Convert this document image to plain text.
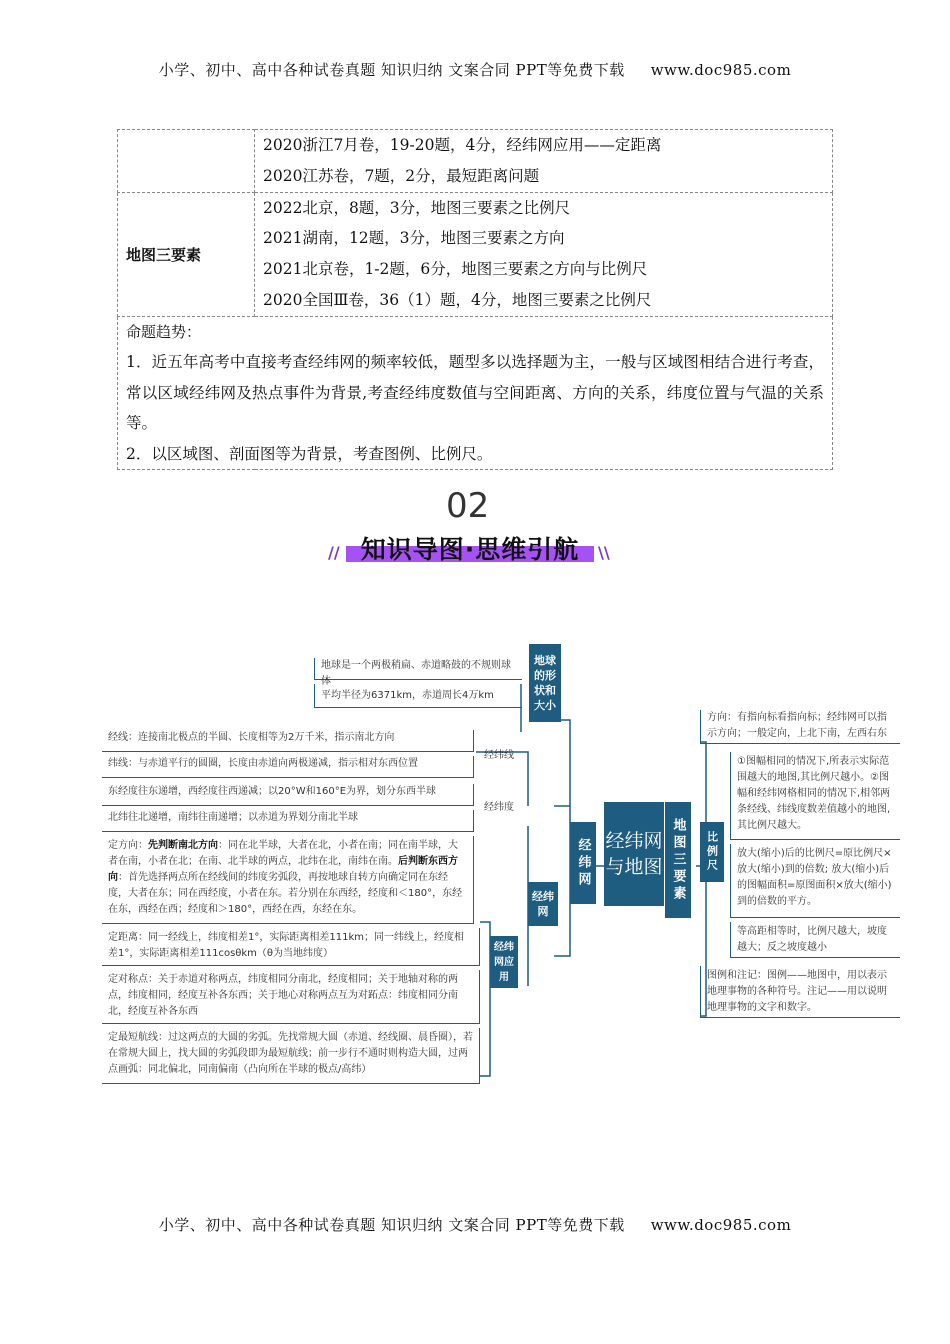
小学、初中、高中各种试卷真题 知识归纳 文案合同 PPT等免费下载 www.doc985.com

	2020浙江7月卷，19-20题，4分，经纬网应用——定距离
2020江苏卷，7题，2分，最短距离问题

地图三要素	2022北京，8题，3分，地图三要素之比例尺
2021湖南，12题，3分，地图三要素之方向
2021北京卷，1-2题，6分，地图三要素之方向与比例尺
2020全国Ⅲ卷，36（1）题，4分，地图三要素之比例尺

命题趋势：
1．近五年高考中直接考查经纬网的频率较低，题型多以选择题为主，一般与区域图相结合进行考查，常以区域经纬网及热点事件为背景,考查经纬度数值与空间距离、方向的关系，纬度位置与气温的关系等。
2．以区域图、剖面图等为背景，考查图例、比例尺。	
02
//	\\
知识导图·思维引航
经纬网与地图
经纬网	地图三要素
地球的形状和大小
地球是一个两极稍扁、赤道略鼓的不规则球体
平均半径为6371km，赤道周长4万km
经纬网
经纬线
经线：连接南北极点的半圆、长度相等为2万千米，指示南北方向
纬线：与赤道平行的圆圈，长度由赤道向两极递减，指示相对东西位置
经纬度
东经度往东递增，西经度往西递减；以20°W和160°E为界，划分东西半球
北纬往北递增，南纬往南递增；以赤道为界划分南北半球
经纬网应用
定方向：先判断南北方向：同在北半球，大者在北，小者在南；同在南半球，大者在南，小者在北；在南、北半球的两点，北纬在北，南纬在南。后判断东西方向：首先选择两点所在经线间的纬度劣弧段，再按地球自转方向确定同在东经度，大者在东；同在西经度，小者在东。若分别在东西经，经度和＜180°，东经在东，西经在西；经度和＞180°，西经在西，东经在东。
定距离：同一经线上，纬度相差1°，实际距离相差111km；同一纬线上，经度相差1°，实际距离相差111cosθkm（θ为当地纬度）
定对称点：关于赤道对称两点，纬度相同分南北，经度相同；关于地轴对称的两点，纬度相同，经度互补各东西；关于地心对称两点互为对跖点：纬度相同分南北，经度互补各东西
定最短航线：过这两点的大圆的劣弧。先找常规大圆（赤道、经线圈、晨昏圈），若在常规大圆上，找大圆的劣弧段即为最短航线；前一步行不通时则构造大圆，过两点画弧：同北偏北，同南偏南（凸向所在半球的极点/高纬）
方向：有指向标看指向标；经纬网可以指示方向；一般定向，上北下南，左西右东
比例尺
①图幅相同的情况下,所表示实际范围越大的地图,其比例尺越小。②图幅和经纬网格相同的情况下,相邻两条经线、纬线度数差值越小的地图,其比例尺越大。
放大(缩小)后的比例尺=原比例尺×放大(缩小)到的倍数; 放大(缩小)后的图幅面积=原图面积×放大(缩小)到的倍数的平方。
等高距相等时，比例尺越大，坡度越大；反之坡度越小
图例和注记：图例——地图中，用以表示地理事物的各种符号。注记——用以说明地理事物的文字和数字。
小学、初中、高中各种试卷真题 知识归纳 文案合同 PPT等免费下载 www.doc985.com
